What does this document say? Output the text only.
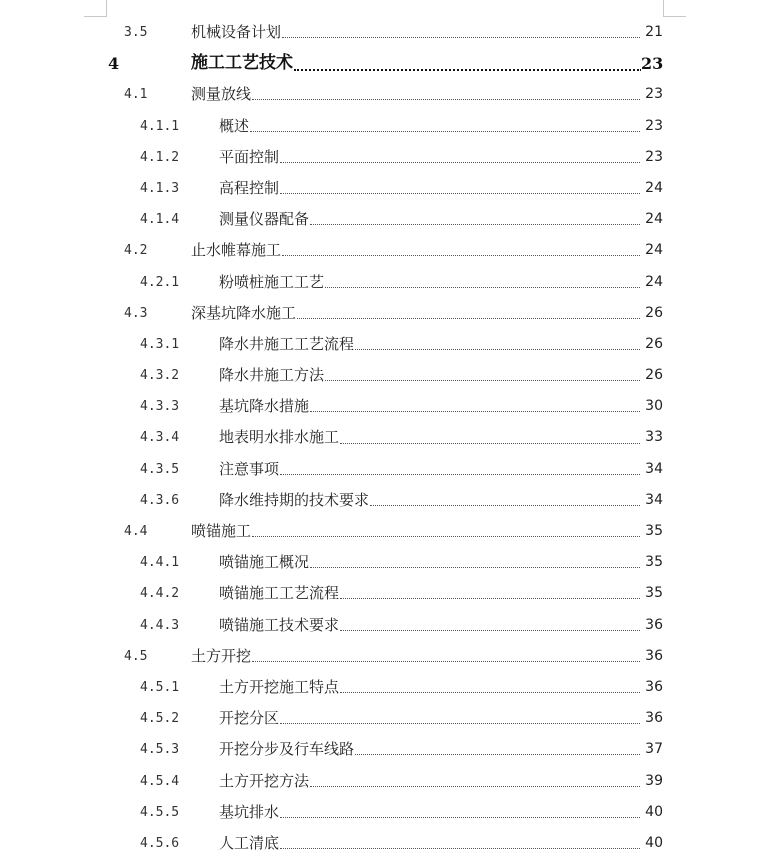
3.5	机械设备计划	21
4	施工工艺技术	23
4.1	测量放线	23
4.1.1	概述	23
4.1.2	平面控制	23
4.1.3	高程控制	24
4.1.4	测量仪器配备	24
4.2	止水帷幕施工	24
4.2.1	粉喷桩施工工艺	24
4.3	深基坑降水施工	26
4.3.1	降水井施工工艺流程	26
4.3.2	降水井施工方法	26
4.3.3	基坑降水措施	30
4.3.4	地表明水排水施工	33
4.3.5	注意事项	34
4.3.6	降水维持期的技术要求	34
4.4	喷锚施工	35
4.4.1	喷锚施工概况	35
4.4.2	喷锚施工工艺流程	35
4.4.3	喷锚施工技术要求	36
4.5	土方开挖	36
4.5.1	土方开挖施工特点	36
4.5.2	开挖分区	36
4.5.3	开挖分步及行车线路	37
4.5.4	土方开挖方法	39
4.5.5	基坑排水	40
4.5.6	人工清底	40
